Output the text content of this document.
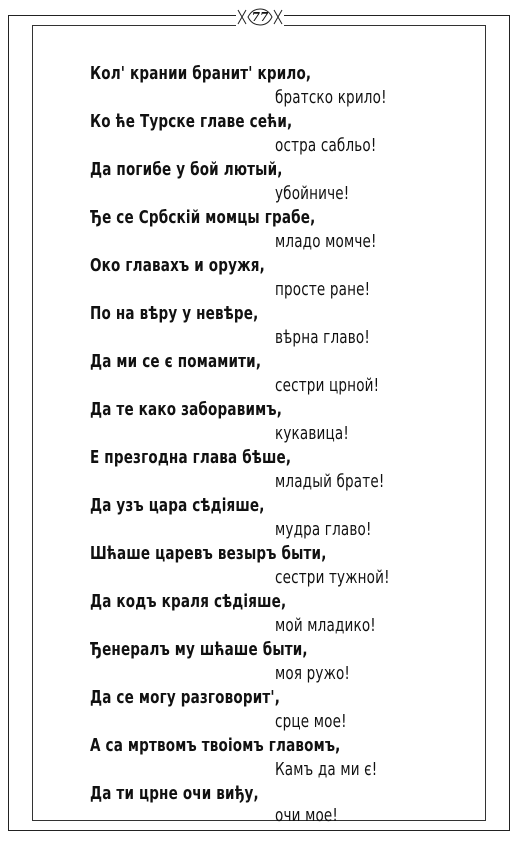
77
Кол' крании бранит' крило,
братско крило!
Ко ће Турске главе сећи,
остра сабльо!
Да погибе у бой лютый,
убойниче!
Ђе се Србскій момцы грабе,
младо момче!
Око главахъ и оружя,
просте ране!
По на вѣру у невѣре,
вѣрна главо!
Да ми се є помамити,
сестри црной!
Да те како заборавимъ,
кукавица!
Е презгодна глава бѣше,
младый брате!
Да узъ цара сѣдіяше,
мудра главо!
Шћаше царевъ везыръ быти,
сестри тужной!
Да кодъ краля сѣдіяше,
мой младико!
Ђенералъ му шћаше быти,
моя ружо!
Да се могу разговорит',
срце мое!
А са мртвомъ твоіомъ главомъ,
Камъ да ми є!
Да ти црне очи виђу,
очи мое!
